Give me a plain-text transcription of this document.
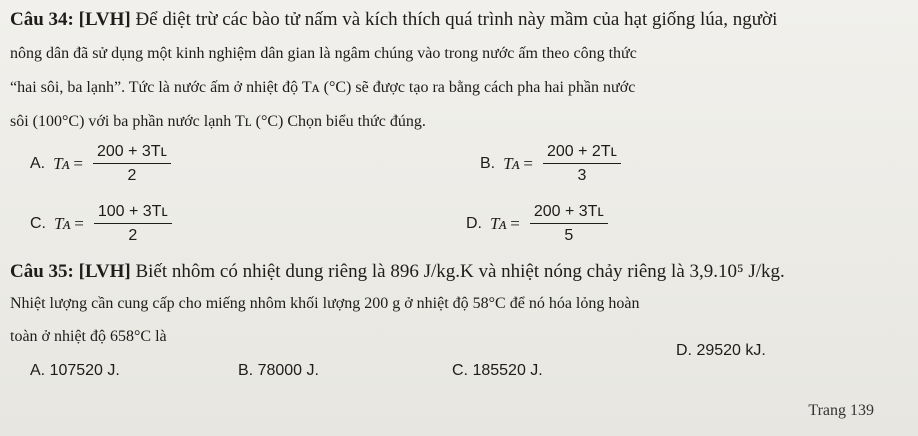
Câu 34: [LVH] Để diệt trừ các bào tử nấm và kích thích quá trình này mầm của hạt giống lúa, người
nông dân đã sử dụng một kinh nghiệm dân gian là ngâm chúng vào trong nước ấm theo công thức
“hai sôi, ba lạnh”. Tức là nước ấm ở nhiệt độ Tᴀ (°C) sẽ được tạo ra bằng cách pha hai phần nước
sôi (100°C) với ba phần nước lạnh Tʟ (°C) Chọn biểu thức đúng.
A. Tᴀ = $\frac{\text{200 + 3Tʟ}}{2}$	B. Tᴀ = $\frac{\text{200 + 2Tʟ}}{3}$
C. Tᴀ = $\frac{\text{100 + 3Tʟ}}{2}$	D. Tᴀ = $\frac{\text{200 + 3Tʟ}}{5}$
Câu 35: [LVH] Biết nhôm có nhiệt dung riêng là 896 J/kg.K và nhiệt nóng chảy riêng là 3,9.10⁵ J/kg.
Nhiệt lượng cần cung cấp cho miếng nhôm khối lượng 200 g ở nhiệt độ 58°C để nó hóa lỏng hoàn
toàn ở nhiệt độ 658°C là
A. 107520 J.	B. 78000 J.	C. 185520 J.
D. 29520 kJ.
Trang 139
